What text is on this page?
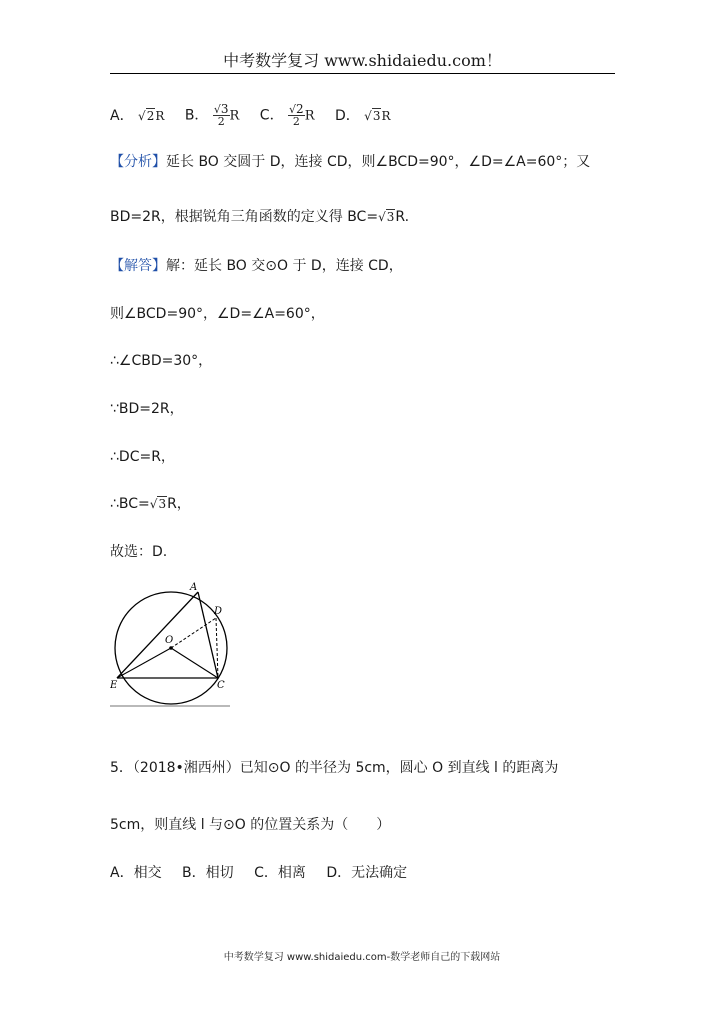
中考数学复习 www.shidaiedu.com！
A． √2R B． $\frac{√3}{2}$ R C． $\frac{√2}{2}$ R D． √3R
【分析】延长 BO 交圆于 D，连接 CD，则∠BCD=90°，∠D=∠A=60°；又
BD=2R，根据锐角三角函数的定义得 BC=√3R.
【解答】解：延长 BO 交⊙O 于 D，连接 CD，
则∠BCD=90°，∠D=∠A=60°，
∴∠CBD=30°，
∵BD=2R，
∴DC=R，
∴BC=√3R，
故选：D.
A
D
O
E	C
5．（2018•湘西州）已知⊙O 的半径为 5cm，圆心 O 到直线 l 的距离为
5cm，则直线 l 与⊙O 的位置关系为（　　）
A．相交 B．相切 C．相离 D．无法确定
中考数学复习 www.shidaiedu.com-数学老师自己的下载网站
